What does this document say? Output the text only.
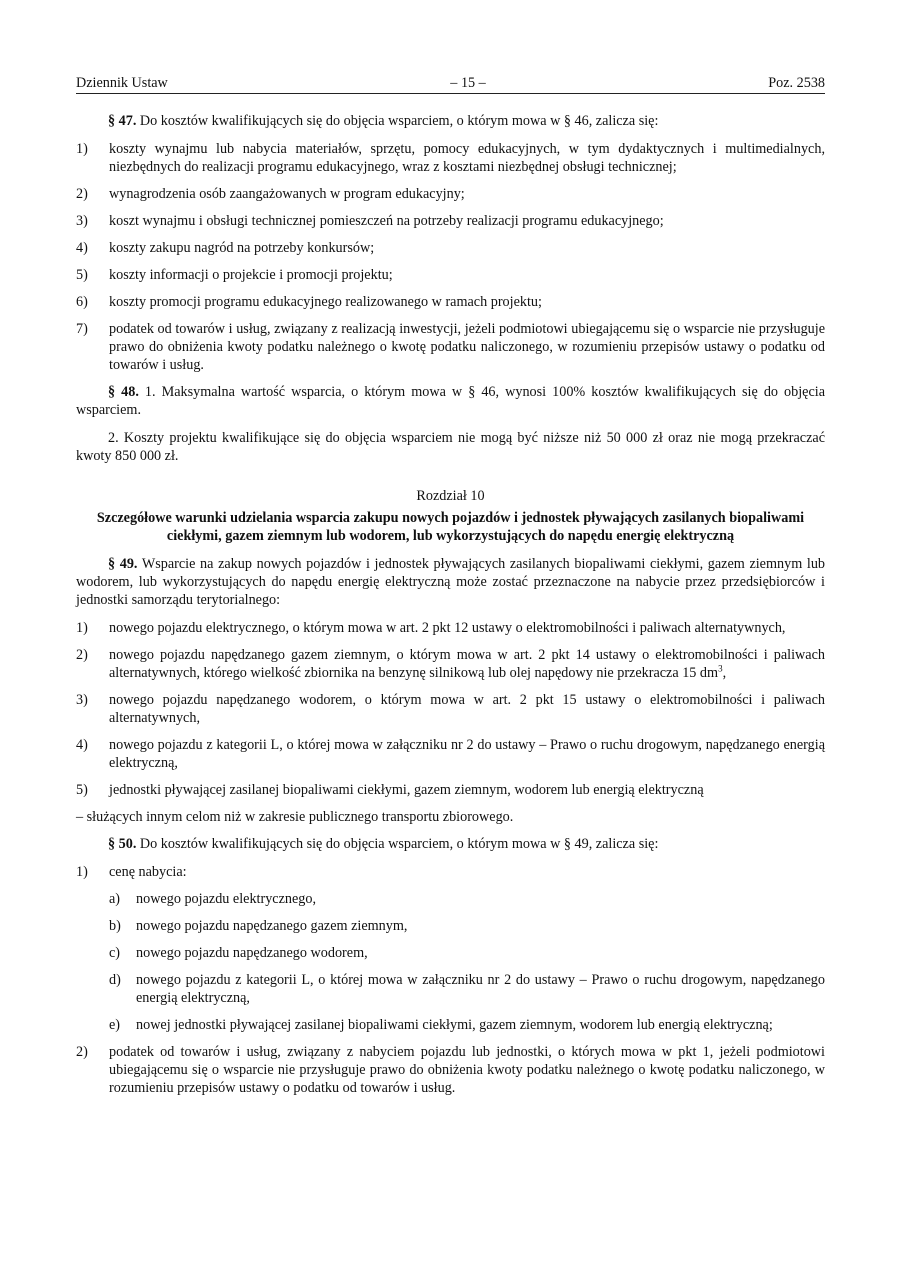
Dziennik Ustaw	– 15 –	Poz. 2538

§ 47. Do kosztów kwalifikujących się do objęcia wsparciem, o którym mowa w § 46, zalicza się:

1)	koszty wynajmu lub nabycia materiałów, sprzętu, pomocy edukacyjnych, w tym dydaktycznych i multimedialnych, niezbędnych do realizacji programu edukacyjnego, wraz z kosztami niezbędnej obsługi technicznej;
2)	wynagrodzenia osób zaangażowanych w program edukacyjny;
3)	koszt wynajmu i obsługi technicznej pomieszczeń na potrzeby realizacji programu edukacyjnego;
4)	koszty zakupu nagród na potrzeby konkursów;
5)	koszty informacji o projekcie i promocji projektu;
6)	koszty promocji programu edukacyjnego realizowanego w ramach projektu;
7)	podatek od towarów i usług, związany z realizacją inwestycji, jeżeli podmiotowi ubiegającemu się o wsparcie nie przysługuje prawo do obniżenia kwoty podatku należnego o kwotę podatku naliczonego, w rozumieniu przepisów ustawy o podatku od towarów i usług.

§ 48. 1. Maksymalna wartość wsparcia, o którym mowa w § 46, wynosi 100% kosztów kwalifikujących się do objęcia wsparciem.

2. Koszty projektu kwalifikujące się do objęcia wsparciem nie mogą być niższe niż 50 000 zł oraz nie mogą przekraczać kwoty 850 000 zł.

Rozdział 10
Szczegółowe warunki udzielania wsparcia zakupu nowych pojazdów i jednostek pływających zasilanych biopaliwami ciekłymi, gazem ziemnym lub wodorem, lub wykorzystujących do napędu energię elektryczną

§ 49. Wsparcie na zakup nowych pojazdów i jednostek pływających zasilanych biopaliwami ciekłymi, gazem ziemnym lub wodorem, lub wykorzystujących do napędu energię elektryczną może zostać przeznaczone na nabycie przez przedsiębiorców i jednostki samorządu terytorialnego:

1)	nowego pojazdu elektrycznego, o którym mowa w art. 2 pkt 12 ustawy o elektromobilności i paliwach alternatywnych,
2)	nowego pojazdu napędzanego gazem ziemnym, o którym mowa w art. 2 pkt 14 ustawy o elektromobilności i paliwach alternatywnych, którego wielkość zbiornika na benzynę silnikową lub olej napędowy nie przekracza 15 $dm^3$,
3)	nowego pojazdu napędzanego wodorem, o którym mowa w art. 2 pkt 15 ustawy o elektromobilności i paliwach alternatywnych,
4)	nowego pojazdu z kategorii L, o której mowa w załączniku nr 2 do ustawy – Prawo o ruchu drogowym, napędzanego energią elektryczną,
5)	jednostki pływającej zasilanej biopaliwami ciekłymi, gazem ziemnym, wodorem lub energią elektryczną
– służących innym celom niż w zakresie publicznego transportu zbiorowego.

§ 50. Do kosztów kwalifikujących się do objęcia wsparciem, o którym mowa w § 49, zalicza się:

1)	cenę nabycia:
a)	nowego pojazdu elektrycznego,
b)	nowego pojazdu napędzanego gazem ziemnym,
c)	nowego pojazdu napędzanego wodorem,
d)	nowego pojazdu z kategorii L, o której mowa w załączniku nr 2 do ustawy – Prawo o ruchu drogowym, napędzanego energią elektryczną,
e)	nowej jednostki pływającej zasilanej biopaliwami ciekłymi, gazem ziemnym, wodorem lub energią elektryczną;
2)	podatek od towarów i usług, związany z nabyciem pojazdu lub jednostki, o których mowa w pkt 1, jeżeli podmiotowi ubiegającemu się o wsparcie nie przysługuje prawo do obniżenia kwoty podatku należnego o kwotę podatku naliczonego, w rozumieniu przepisów ustawy o podatku od towarów i usług.
